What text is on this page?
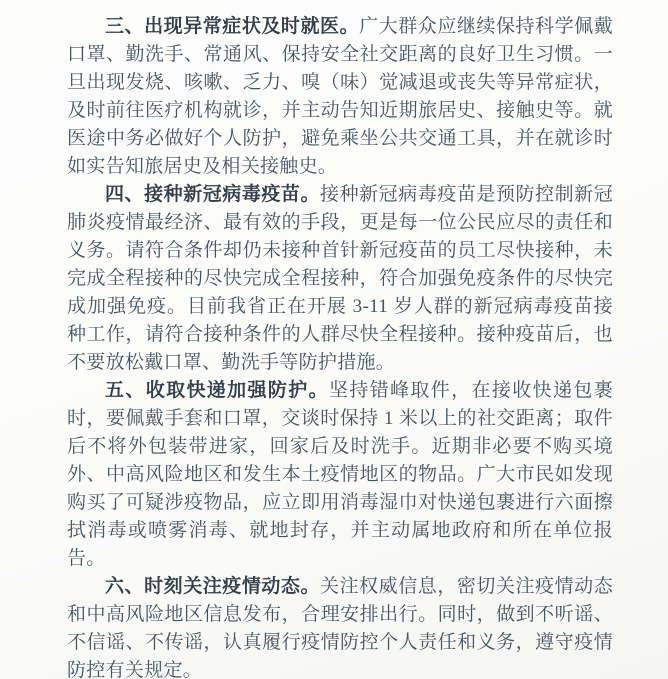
三、出现异常症状及时就医。广大群众应继续保持科学佩戴口罩、勤洗手、常通风、保持安全社交距离的良好卫生习惯。一旦出现发烧、咳嗽、乏力、嗅（味）觉减退或丧失等异常症状，及时前往医疗机构就诊，并主动告知近期旅居史、接触史等。就医途中务必做好个人防护，避免乘坐公共交通工具，并在就诊时如实告知旅居史及相关接触史。

四、接种新冠病毒疫苗。接种新冠病毒疫苗是预防控制新冠肺炎疫情最经济、最有效的手段，更是每一位公民应尽的责任和义务。请符合条件却仍未接种首针新冠疫苗的员工尽快接种，未完成全程接种的尽快完成全程接种，符合加强免疫条件的尽快完成加强免疫。目前我省正在开展 3-11 岁人群的新冠病毒疫苗接种工作，请符合接种条件的人群尽快全程接种。接种疫苗后，也不要放松戴口罩、勤洗手等防护措施。

五、收取快递加强防护。坚持错峰取件，在接收快递包裹时，要佩戴手套和口罩，交谈时保持 1 米以上的社交距离；取件后不将外包装带进家，回家后及时洗手。近期非必要不购买境外、中高风险地区和发生本土疫情地区的物品。广大市民如发现购买了可疑涉疫物品，应立即用消毒湿巾对快递包裹进行六面擦拭消毒或喷雾消毒、就地封存，并主动属地政府和所在单位报告。

六、时刻关注疫情动态。关注权威信息，密切关注疫情动态和中高风险地区信息发布，合理安排出行。同时，做到不听谣、不信谣、不传谣，认真履行疫情防控个人责任和义务，遵守疫情防控有关规定。
